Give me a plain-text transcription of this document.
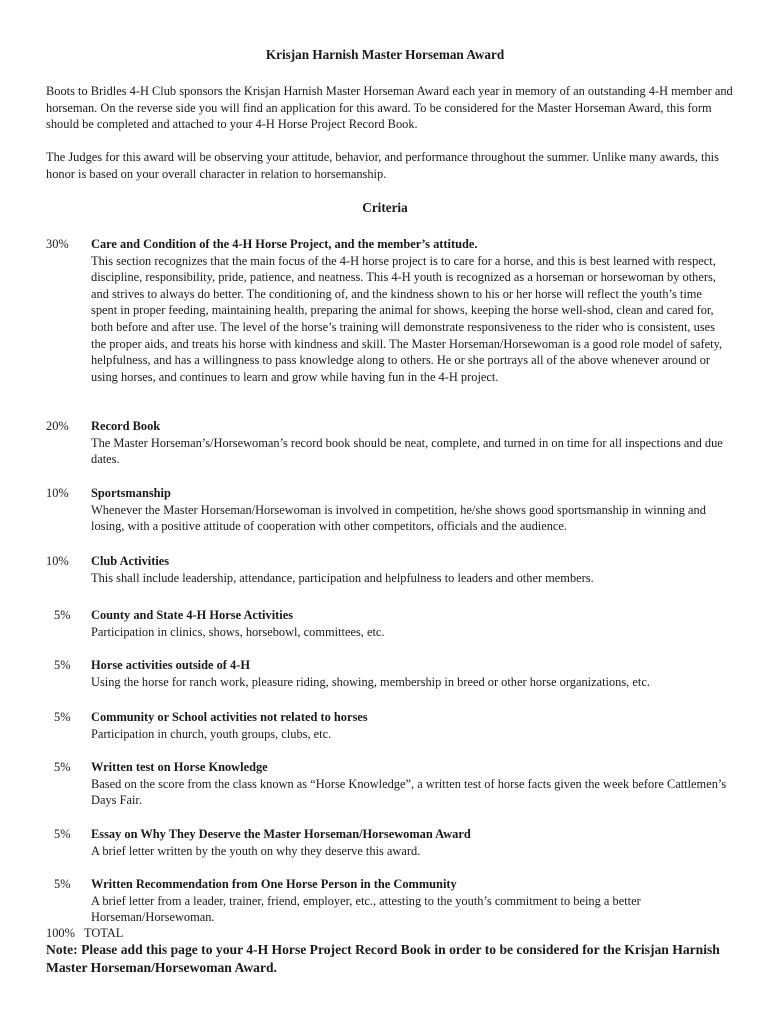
Krisjan Harnish Master Horseman Award
Boots to Bridles 4-H Club sponsors the Krisjan Harnish Master Horseman Award each year in memory of an outstanding 4-H member and horseman. On the reverse side you will find an application for this award. To be considered for the Master Horseman Award, this form should be completed and attached to your 4-H Horse Project Record Book.
The Judges for this award will be observing your attitude, behavior, and performance throughout the summer. Unlike many awards, this honor is based on your overall character in relation to horsemanship.
Criteria
30%	Care and Condition of the 4-H Horse Project, and the member’s attitude.
This section recognizes that the main focus of the 4-H horse project is to care for a horse, and this is best learned with respect, discipline, responsibility, pride, patience, and neatness. This 4-H youth is recognized as a horseman or horsewoman by others, and strives to always do better. The conditioning of, and the kindness shown to his or her horse will reflect the youth’s time spent in proper feeding, maintaining health, preparing the animal for shows, keeping the horse well-shod, clean and cared for, both before and after use. The level of the horse’s training will demonstrate responsiveness to the rider who is consistent, uses the proper aids, and treats his horse with kindness and skill. The Master Horseman/Horsewoman is a good role model of safety, helpfulness, and has a willingness to pass knowledge along to others. He or she portrays all of the above whenever around or using horses, and continues to learn and grow while having fun in the 4-H project.
20%	Record Book
The Master Horseman’s/Horsewoman’s record book should be neat, complete, and turned in on time for all inspections and due dates.
10%	Sportsmanship
Whenever the Master Horseman/Horsewoman is involved in competition, he/she shows good sportsmanship in winning and losing, with a positive attitude of cooperation with other competitors, officials and the audience.
10%	Club Activities
This shall include leadership, attendance, participation and helpfulness to leaders and other members.
5%	County and State 4-H Horse Activities
Participation in clinics, shows, horsebowl, committees, etc.
5%	Horse activities outside of 4-H
Using the horse for ranch work, pleasure riding, showing, membership in breed or other horse organizations, etc.
5%	Community or School activities not related to horses
Participation in church, youth groups, clubs, etc.
5%	Written test on Horse Knowledge
Based on the score from the class known as “Horse Knowledge”, a written test of horse facts given the week before Cattlemen’s Days Fair.
5%	Essay on Why They Deserve the Master Horseman/Horsewoman Award
A brief letter written by the youth on why they deserve this award.
5%	Written Recommendation from One Horse Person in the Community
A brief letter from a leader, trainer, friend, employer, etc., attesting to the youth’s commitment to being a better Horseman/Horsewoman.
100%   TOTAL
Note: Please add this page to your 4-H Horse Project Record Book in order to be considered for the Krisjan Harnish Master Horseman/Horsewoman Award.
